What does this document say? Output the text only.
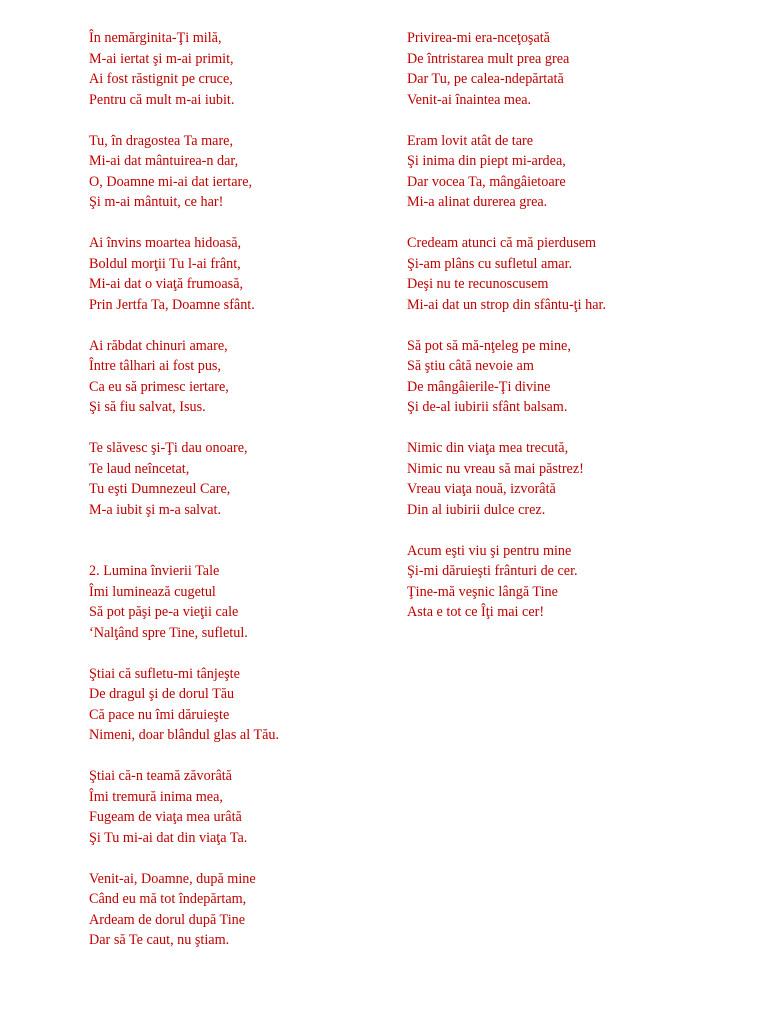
În nemărginita-Ţi milă,
M-ai iertat şi m-ai primit,
Ai fost răstignit pe cruce,
Pentru că mult m-ai iubit.
Tu, în dragostea Ta mare,
Mi-ai dat mântuirea-n dar,
O, Doamne mi-ai dat iertare,
Şi m-ai mântuit, ce har!
Ai învins moartea hidoasă,
Boldul morţii Tu l-ai frânt,
Mi-ai dat o viaţă frumoasă,
Prin Jertfa Ta, Doamne sfânt.
Ai răbdat chinuri amare,
Între tâlhari ai fost pus,
Ca eu să primesc iertare,
Şi să fiu salvat, Isus.
Te slăvesc şi-Ţi dau onoare,
Te laud neîncetat,
Tu eşti Dumnezeul Care,
M-a iubit şi m-a salvat.
2. Lumina învierii Tale
Îmi luminează cugetul
Să pot păşi pe-a vieţii cale
‘Nalţând spre Tine, sufletul.
Ştiai că sufletu-mi tânjeşte
De dragul şi de dorul Tău
Că pace nu îmi dăruieşte
Nimeni, doar blândul glas al Tău.
Ştiai că-n teamă zăvorâtă
Îmi tremură inima mea,
Fugeam de viaţa mea urâtă
Şi Tu mi-ai dat din viaţa Ta.
Venit-ai, Doamne, după mine
Când eu mă tot îndepărtam,
Ardeam de dorul după Tine
Dar să Te caut, nu ştiam.
Privirea-mi era-nceţoşată
De întristarea mult prea grea
Dar Tu, pe calea-ndepărtată
Venit-ai înaintea mea.
Eram lovit atât de tare
Şi inima din piept mi-ardea,
Dar vocea Ta, mângâietoare
Mi-a alinat durerea grea.
Credeam atunci că mă pierdusem
Şi-am plâns cu sufletul amar.
Deşi nu te recunoscusem
Mi-ai dat un strop din sfântu-ţi har.
Să pot să mă-nţeleg pe mine,
Să ştiu câtă nevoie am
De mângâierile-Ţi divine
Şi de-al iubirii sfânt balsam.
Nimic din viaţa mea trecută,
Nimic nu vreau să mai păstrez!
Vreau viaţa nouă, izvorâtă
Din al iubirii dulce crez.
Acum eşti viu şi pentru mine
Şi-mi dăruieşti frânturi de cer.
Ţine-mă veşnic lângă Tine
Asta e tot ce Îţi mai cer!
